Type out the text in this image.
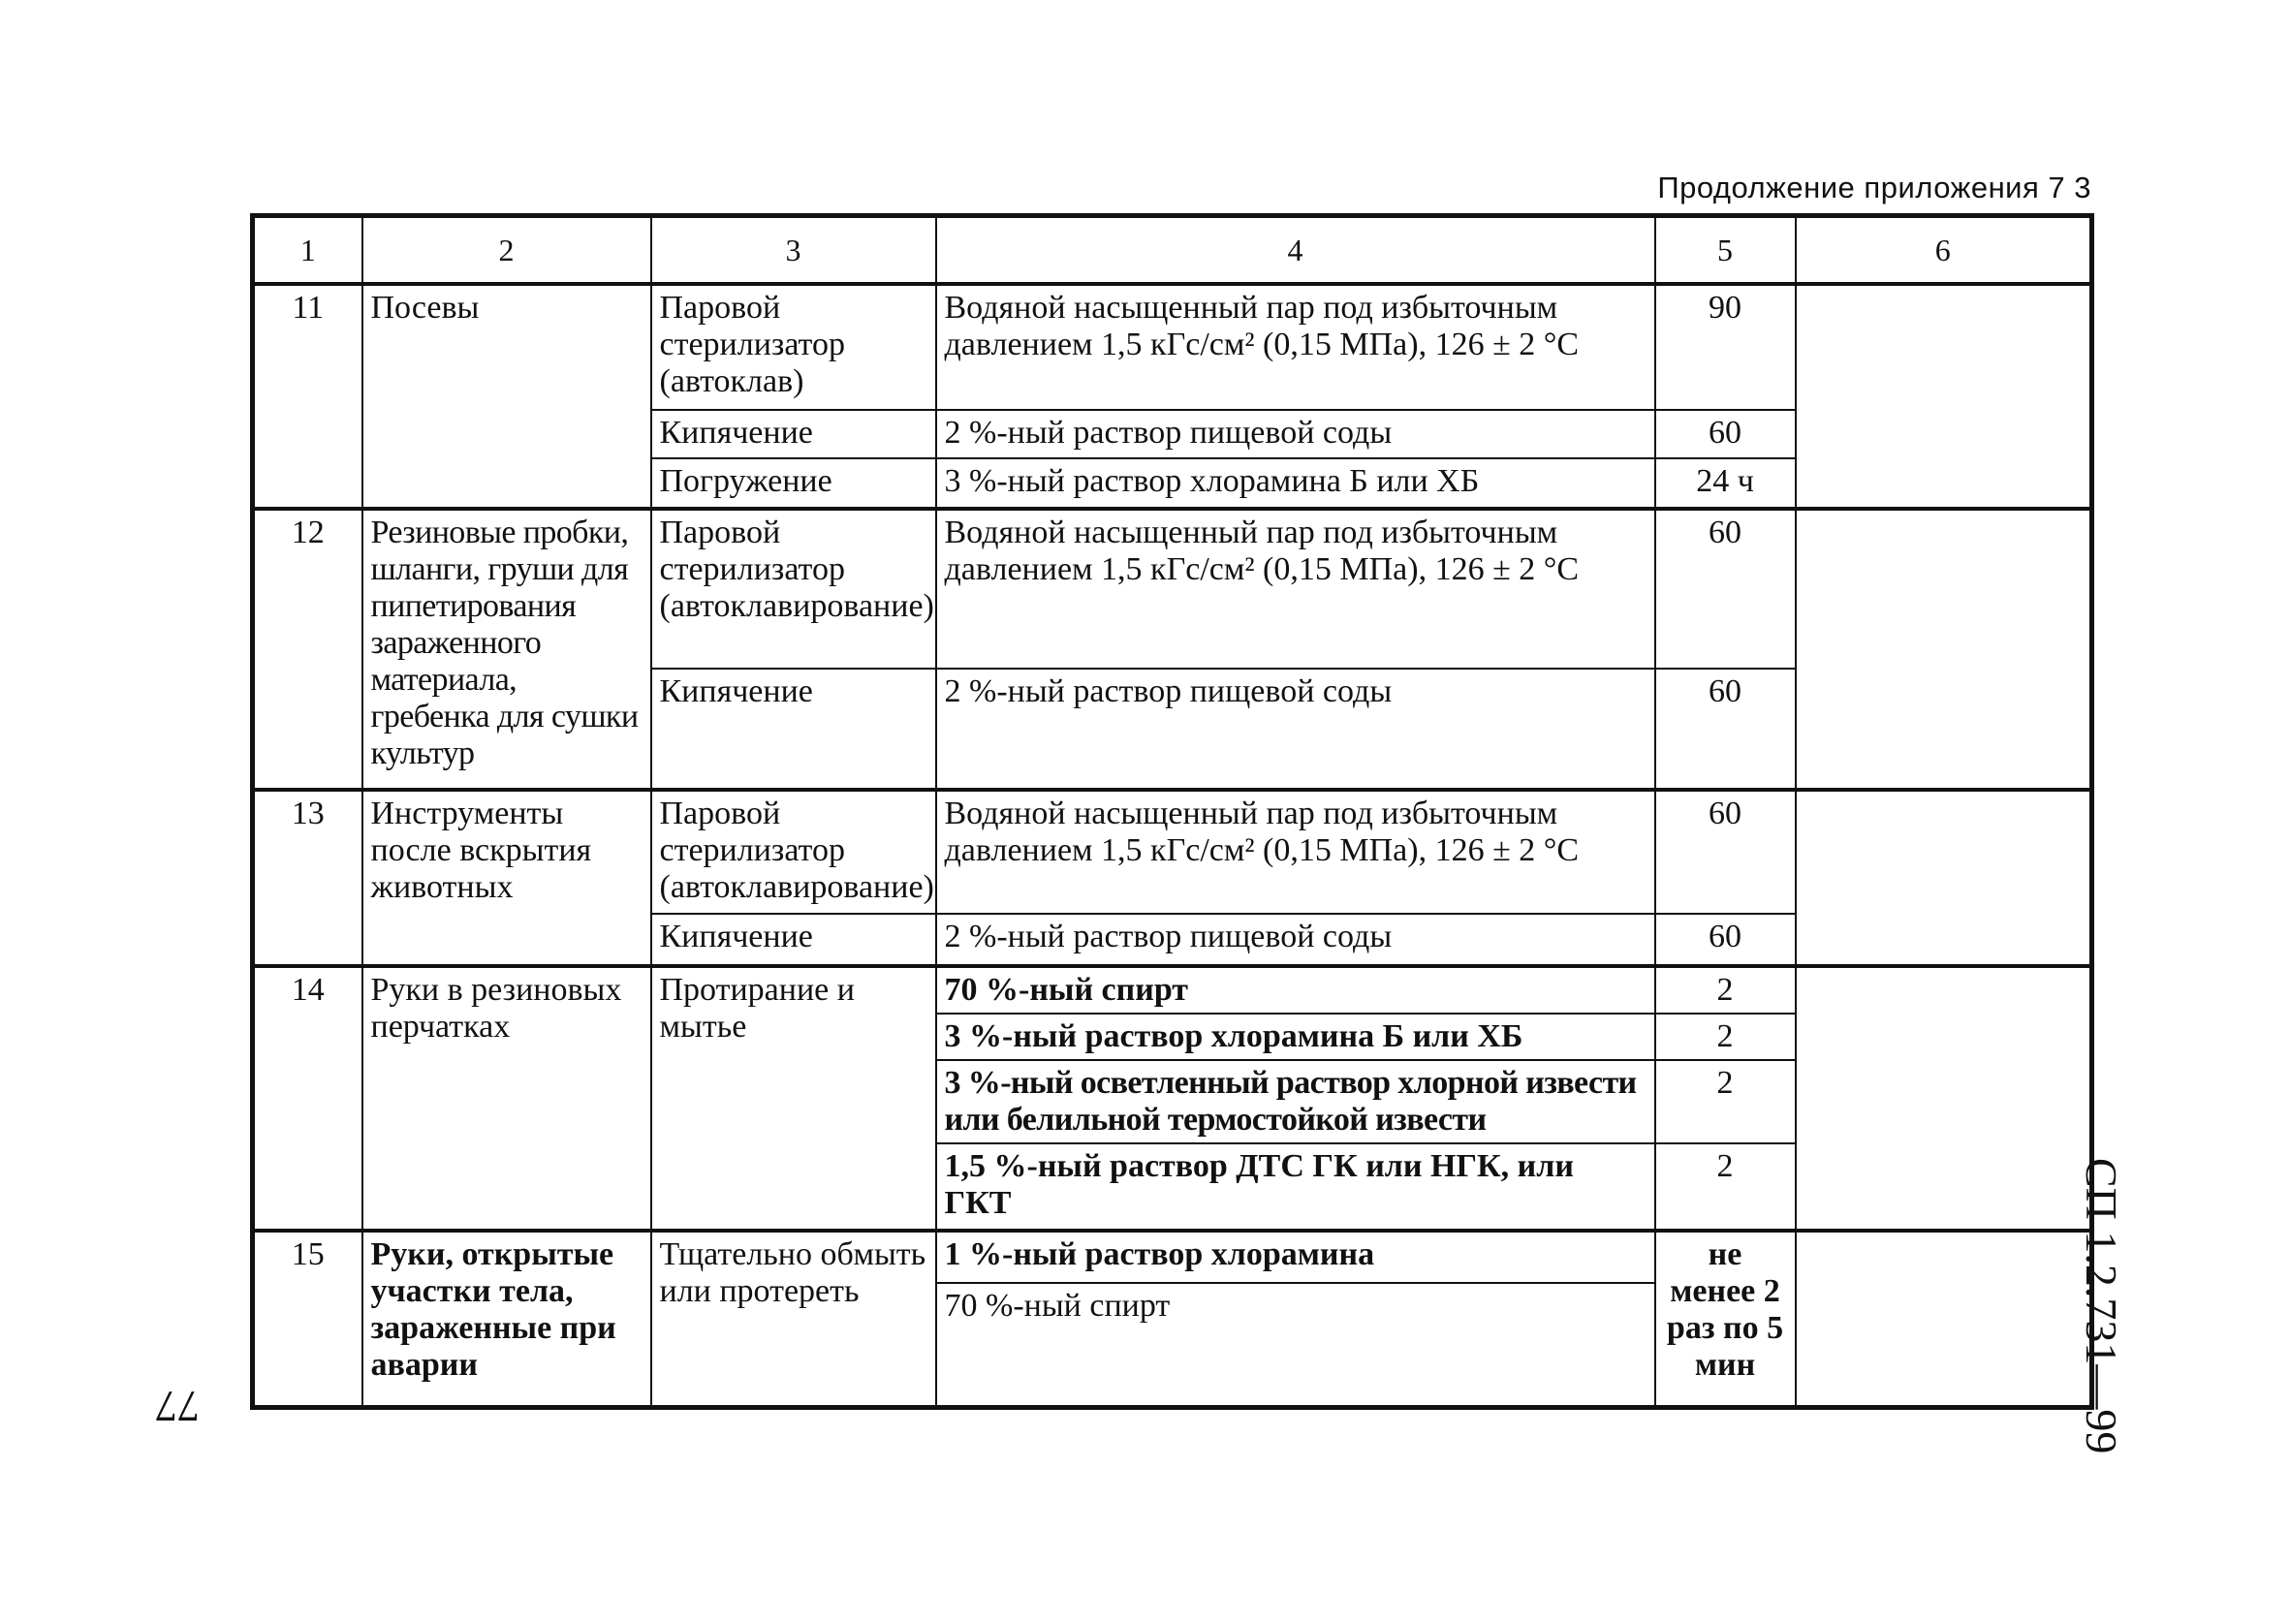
Продолжение приложения 7 3
1	2	3	4	5	6
11	Посевы	Паровой стерилизатор (автоклав)	Водяной насыщенный пар под избыточным давлением 1,5 кГс/см² (0,15 МПа), 126 ± 2 °С	90	
		Кипячение	2 %-ный раствор пищевой соды	60	
		Погружение	3 %-ный раствор хлорамина Б или ХБ	24 ч	
12	Резиновые пробки, шланги, груши для пипетирования зараженного материала, гребенка для сушки культур	Паровой стерилизатор (автоклавирование)	Водяной насыщенный пар под избыточным давлением 1,5 кГс/см² (0,15 МПа), 126 ± 2 °С	60	
		Кипячение	2 %-ный раствор пищевой соды	60	
13	Инструменты после вскрытия животных	Паровой стерилизатор (автоклавирование)	Водяной насыщенный пар под избыточным давлением 1,5 кГс/см² (0,15 МПа), 126 ± 2 °С	60	
		Кипячение	2 %-ный раствор пищевой соды	60	
14	Руки в резиновых перчатках	Протирание и мытье	70 %-ный спирт	2	
			3 %-ный раствор хлорамина Б или ХБ	2	
			3 %-ный осветленный раствор хлорной извести или белильной термостойкой извести	2	
			1,5 %-ный раствор ДТС ГК или НГК, или ГКТ	2	
15	Руки, открытые участки тела, зараженные при аварии	Тщательно обмыть или протереть	1 %-ный раствор хлорамина	не менее 2 раз по 5 мин	
			70 %-ный спирт		
77	СП 1.2.731—99
